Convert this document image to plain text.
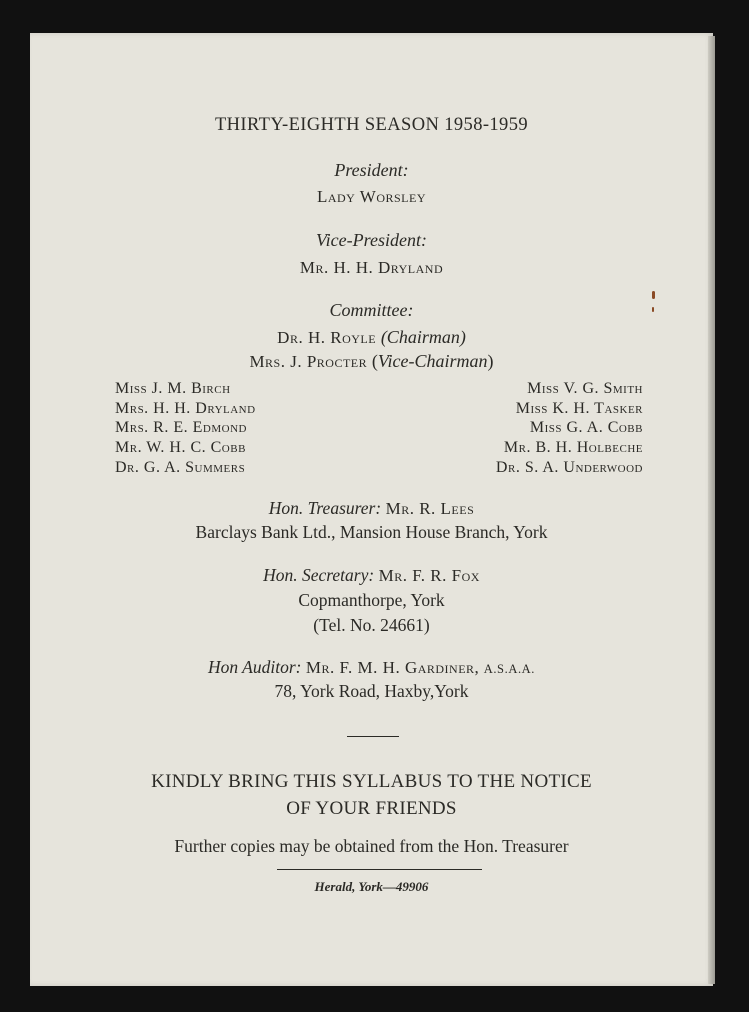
THIRTY-EIGHTH SEASON 1958-1959
President:
Lady Worsley
Vice-President:
Mr. H. H. Dryland
Committee:
Dr. H. Royle (Chairman)
Mrs. J. Procter (Vice-Chairman)
Miss J. M. Birch
Mrs. H. H. Dryland
Mrs. R. E. Edmond
Mr. W. H. C. Cobb
Dr. G. A. Summers
Miss V. G. Smith
Miss K. H. Tasker
Miss G. A. Cobb
Mr. B. H. Holbeche
Dr. S. A. Underwood
Hon. Treasurer: Mr. R. Lees
Barclays Bank Ltd., Mansion House Branch, York
Hon. Secretary: Mr. F. R. Fox
Copmanthorpe, York
(Tel. No. 24661)
Hon Auditor: Mr. F. M. H. Gardiner, A.S.A.A.
78, York Road, Haxby,York
KINDLY BRING THIS SYLLABUS TO THE NOTICE
OF YOUR FRIENDS
Further copies may be obtained from the Hon. Treasurer
Herald, York—49906
